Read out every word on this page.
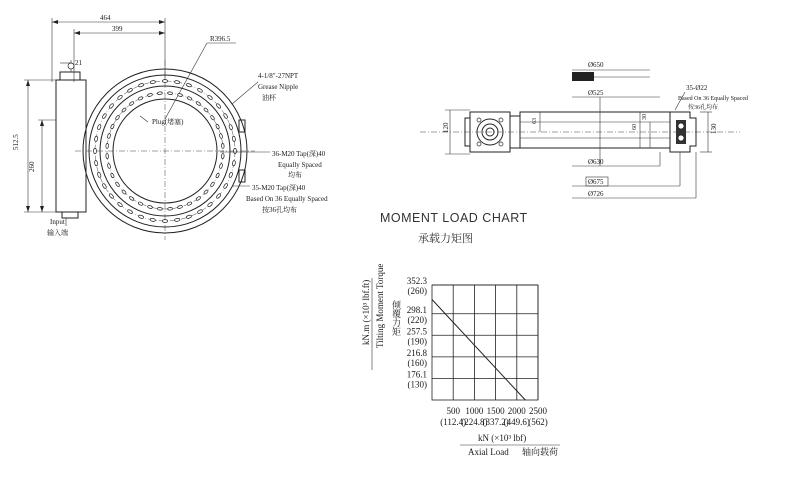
464
399
R396.5
512.5
260
21
4-1/8"-27NPT
Grease Nipple
油杯
Plug(堵塞)
36-M20 Tap(深)40
Equally Spaced
均布
35-M20 Tap(深)40
Based On 36 Equally Spaced
按36孔均布
Input
输入端
Ø650
Ø525
35-Ø22
Based On 36 Equally Spaced
按36孔均布
120
63
60
30
130
Ø630
Ø675
Ø726
MOMENT LOAD CHART
承载力矩图
176.1
(130)
216.8
(160)
257.5
(190)
298.1
(220)
352.3
(260)
500
(112.4)
1000
(224.8)
1500
(337.2)
2000
(449.6)
2500
(562)
kN.m (×10³ lbf.ft) Tilting Moment Torque 倾覆力矩
kN (×10³ lbf)
Axial Load 轴向载荷
